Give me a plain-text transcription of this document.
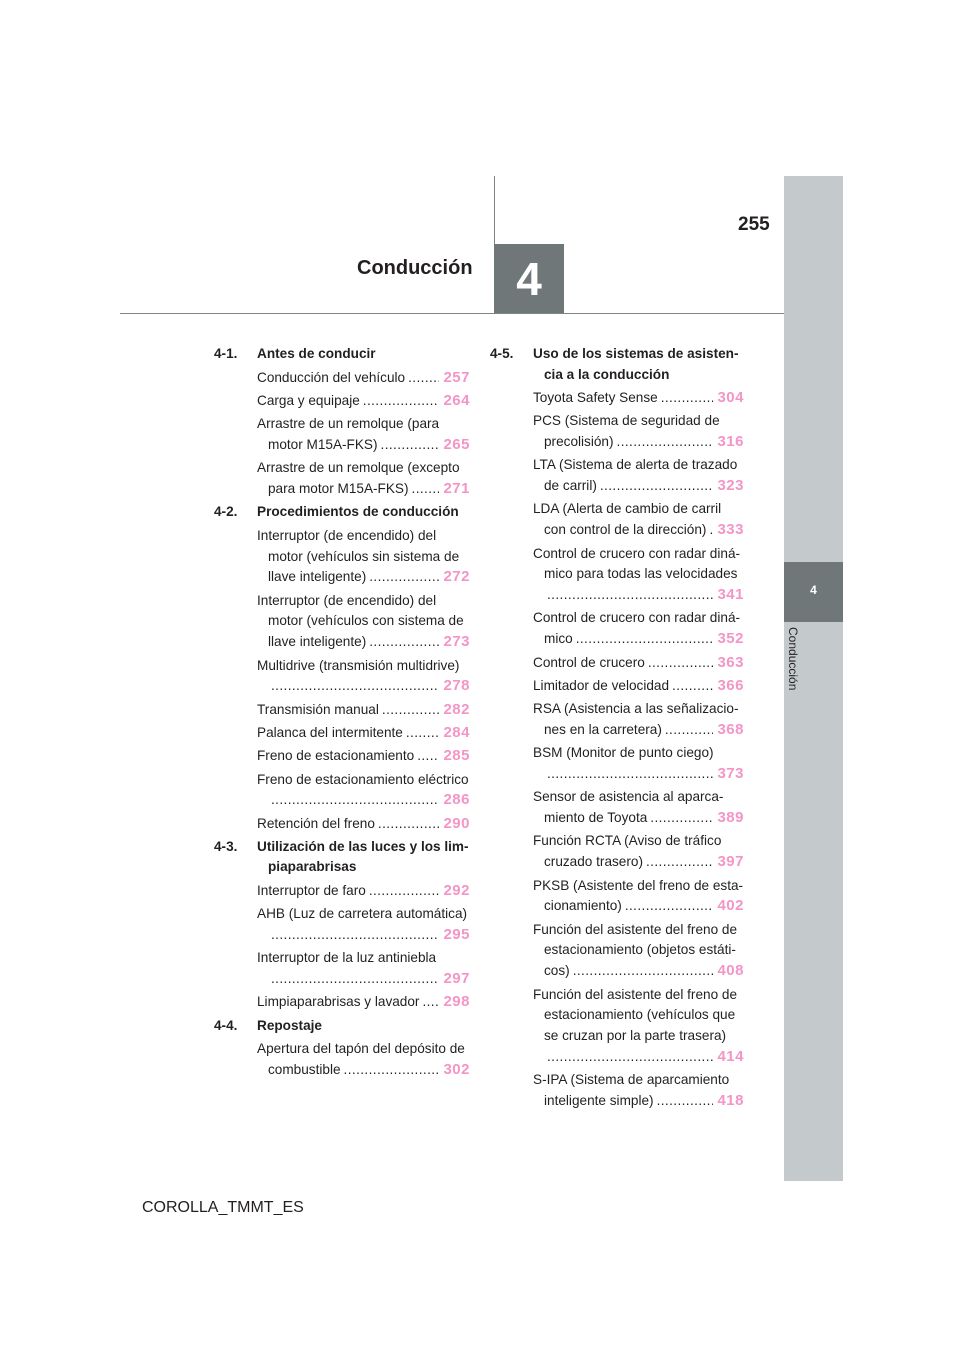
255
Conducción 4
4
Conducción
4-1. Antes de conducir
Conducción del vehículo .....	257
Carga y equipaje .....	264
Arrastre de un remolque (para
motor M15A-FKS) .....	265
Arrastre de un remolque (excepto
para motor M15A-FKS) ..... 271
4-2. Procedimientos de conducción
Interruptor (de encendido) del
motor (vehículos sin sistema de
llave inteligente) .....	272
Interruptor (de encendido) del
motor (vehículos con sistema de
llave inteligente) .....	273
Multidrive (transmisión multidrive)
.....
278
Transmisión manual .....	282
Palanca del intermitente .....	284
Freno de estacionamiento ..... 285
Freno de estacionamiento eléctrico
.....
286
Retención del freno .....	290
4-3. Utilización de las luces y los lim-
piaparabrisas
Interruptor de faro .....	292
AHB (Luz de carretera automática)
.....
295
Interruptor de la luz antiniebla
.....
297
Limpiaparabrisas y lavador ..... 298
4-4. Repostaje
Apertura del tapón del depósito de
combustible .....	302
4-5. Uso de los sistemas de asisten-
cia a la conducción
Toyota Safety Sense .....	304
PCS (Sistema de seguridad de
precolisión) .....	316
LTA (Sistema de alerta de trazado
de carril) .....	323
LDA (Alerta de cambio de carril
con control de la dirección) ..... 333
Control de crucero con radar diná-
mico para todas las velocidades
.....
341
Control de crucero con radar diná-
mico .....	352
Control de crucero .....	363
Limitador de velocidad .....	366
RSA (Asistencia a las señalizacio-
nes en la carretera) .....	368
BSM (Monitor de punto ciego)
.....
373
Sensor de asistencia al aparca-
miento de Toyota .....	389
Función RCTA (Aviso de tráfico
cruzado trasero) .....	397
PKSB (Asistente del freno de esta-
cionamiento) .....	402
Función del asistente del freno de
estacionamiento (objetos estáti-
cos) .....	408
Función del asistente del freno de
estacionamiento (vehículos que
se cruzan por la parte trasera)
.....
414
S-IPA (Sistema de aparcamiento
inteligente simple) .....	418
COROLLA_TMMT_ES
